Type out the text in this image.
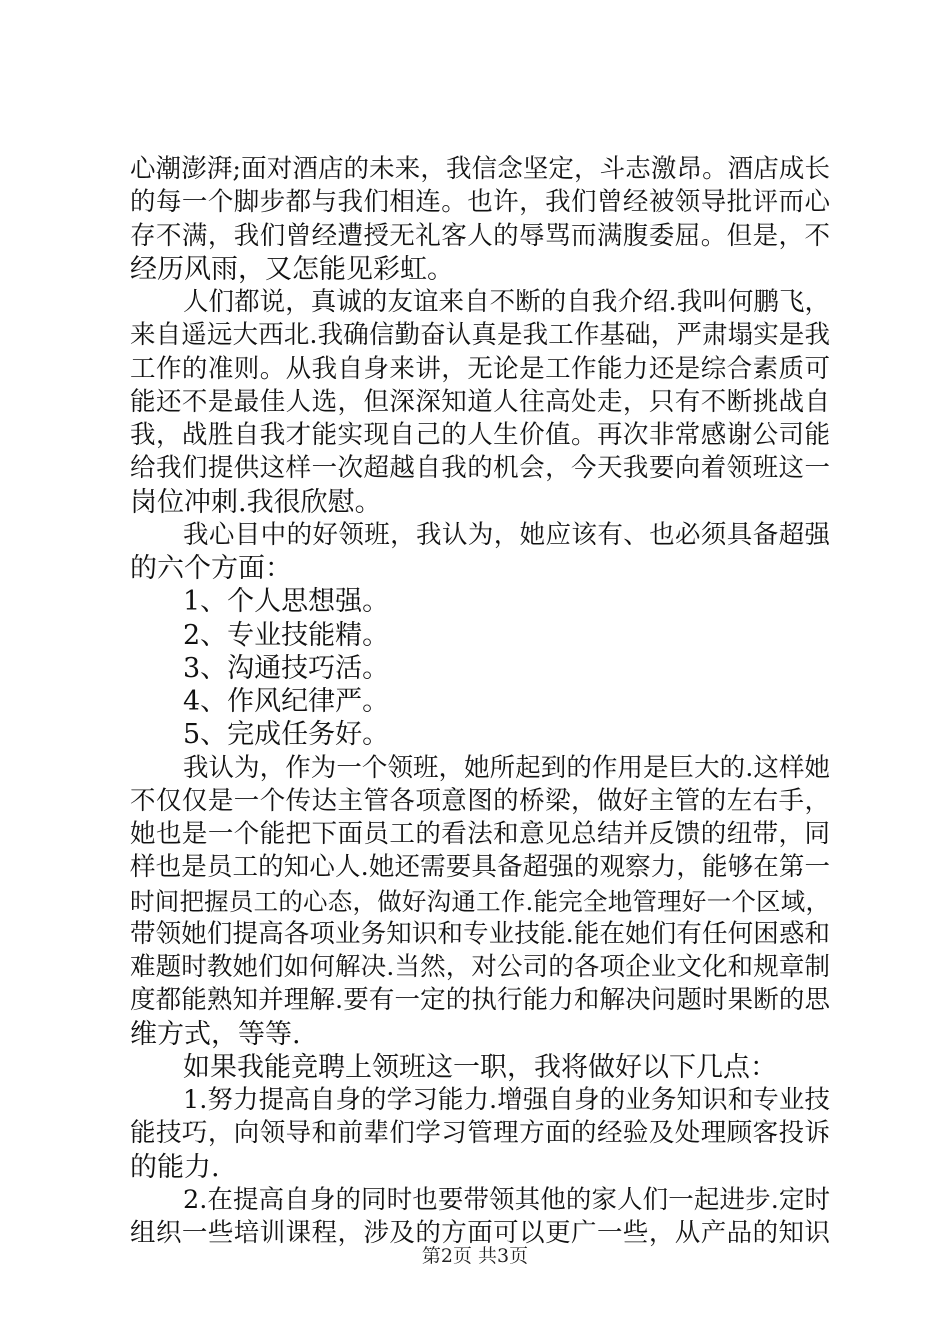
心潮澎湃;面对酒店的未来，我信念坚定，斗志激昂。酒店成长
的每一个脚步都与我们相连。也许，我们曾经被领导批评而心
存不满，我们曾经遭授无礼客人的辱骂而满腹委屈。但是，不
经历风雨，又怎能见彩虹。
人们都说，真诚的友谊来自不断的自我介绍.我叫何鹏飞，
来自遥远大西北.我确信勤奋认真是我工作基础，严肃塌实是我
工作的准则。从我自身来讲，无论是工作能力还是综合素质可
能还不是最佳人选，但深深知道人往高处走，只有不断挑战自
我，战胜自我才能实现自己的人生价值。再次非常感谢公司能
给我们提供这样一次超越自我的机会，今天我要向着领班这一
岗位冲刺.我很欣慰。
我心目中的好领班，我认为，她应该有、也必须具备超强
的六个方面：
1、个人思想强。
2、专业技能精。
3、沟通技巧活。
4、作风纪律严。
5、完成任务好。
我认为，作为一个领班，她所起到的作用是巨大的.这样她
不仅仅是一个传达主管各项意图的桥梁，做好主管的左右手，
她也是一个能把下面员工的看法和意见总结并反馈的纽带，同
样也是员工的知心人.她还需要具备超强的观察力，能够在第一
时间把握员工的心态，做好沟通工作.能完全地管理好一个区域，
带领她们提高各项业务知识和专业技能.能在她们有任何困惑和
难题时教她们如何解决.当然，对公司的各项企业文化和规章制
度都能熟知并理解.要有一定的执行能力和解决问题时果断的思
维方式，等等.
如果我能竞聘上领班这一职，我将做好以下几点：
1.努力提高自身的学习能力.增强自身的业务知识和专业技
能技巧，向领导和前辈们学习管理方面的经验及处理顾客投诉
的能力.
2.在提高自身的同时也要带领其他的家人们一起进步.定时
组织一些培训课程，涉及的方面可以更广一些，从产品的知识
第2页 共3页
